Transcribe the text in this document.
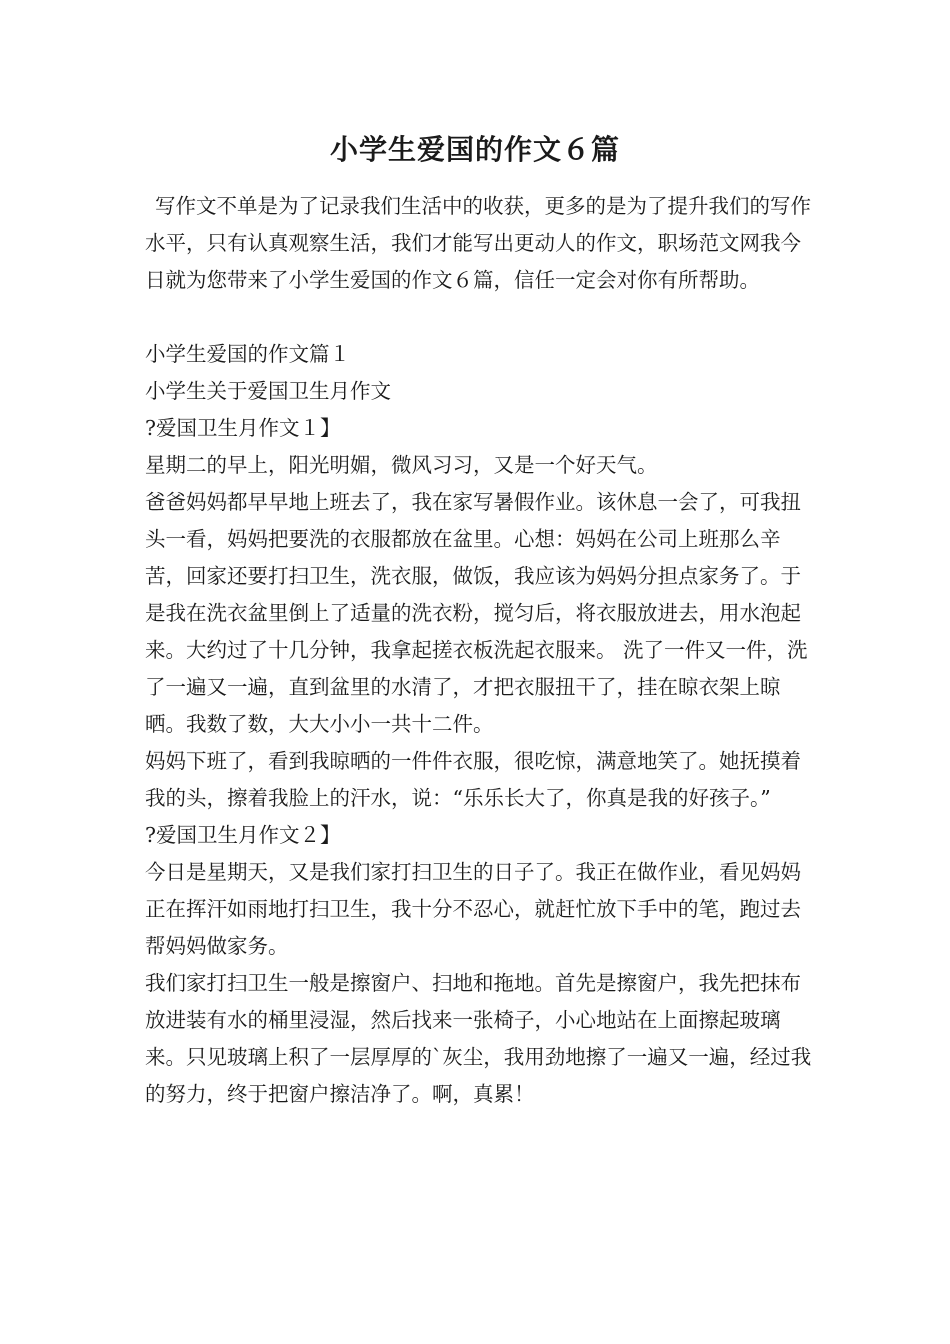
小学生爱国的作文６篇

写作文不单是为了记录我们生活中的收获，更多的是为了提升我们的写作水平，只有认真观察生活，我们才能写出更动人的作文，职场范文网我今日就为您带来了小学生爱国的作文６篇，信任一定会对你有所帮助。

小学生爱国的作文篇１

小学生关于爱国卫生月作文

?爱国卫生月作文１】

星期二的早上，阳光明媚，微风习习，又是一个好天气。

爸爸妈妈都早早地上班去了，我在家写暑假作业。该休息一会了，可我扭头一看，妈妈把要洗的衣服都放在盆里。心想：妈妈在公司上班那么辛苦，回家还要打扫卫生，洗衣服，做饭，我应该为妈妈分担点家务了。于是我在洗衣盆里倒上了适量的洗衣粉，搅匀后，将衣服放进去，用水泡起来。大约过了十几分钟，我拿起搓衣板洗起衣服来。 洗了一件又一件，洗了一遍又一遍，直到盆里的水清了，才把衣服扭干了，挂在晾衣架上晾晒。我数了数，大大小小一共十二件。

妈妈下班了，看到我晾晒的一件件衣服，很吃惊，满意地笑了。她抚摸着我的头，擦着我脸上的汗水，说：“乐乐长大了，你真是我的好孩子。”

?爱国卫生月作文２】

今日是星期天，又是我们家打扫卫生的日子了。我正在做作业，看见妈妈正在挥汗如雨地打扫卫生，我十分不忍心，就赶忙放下手中的笔，跑过去帮妈妈做家务。

我们家打扫卫生一般是擦窗户、扫地和拖地。首先是擦窗户，我先把抹布放进装有水的桶里浸湿，然后找来一张椅子，小心地站在上面擦起玻璃来。只见玻璃上积了一层厚厚的`灰尘，我用劲地擦了一遍又一遍，经过我的努力，终于把窗户擦洁净了。啊，真累！
